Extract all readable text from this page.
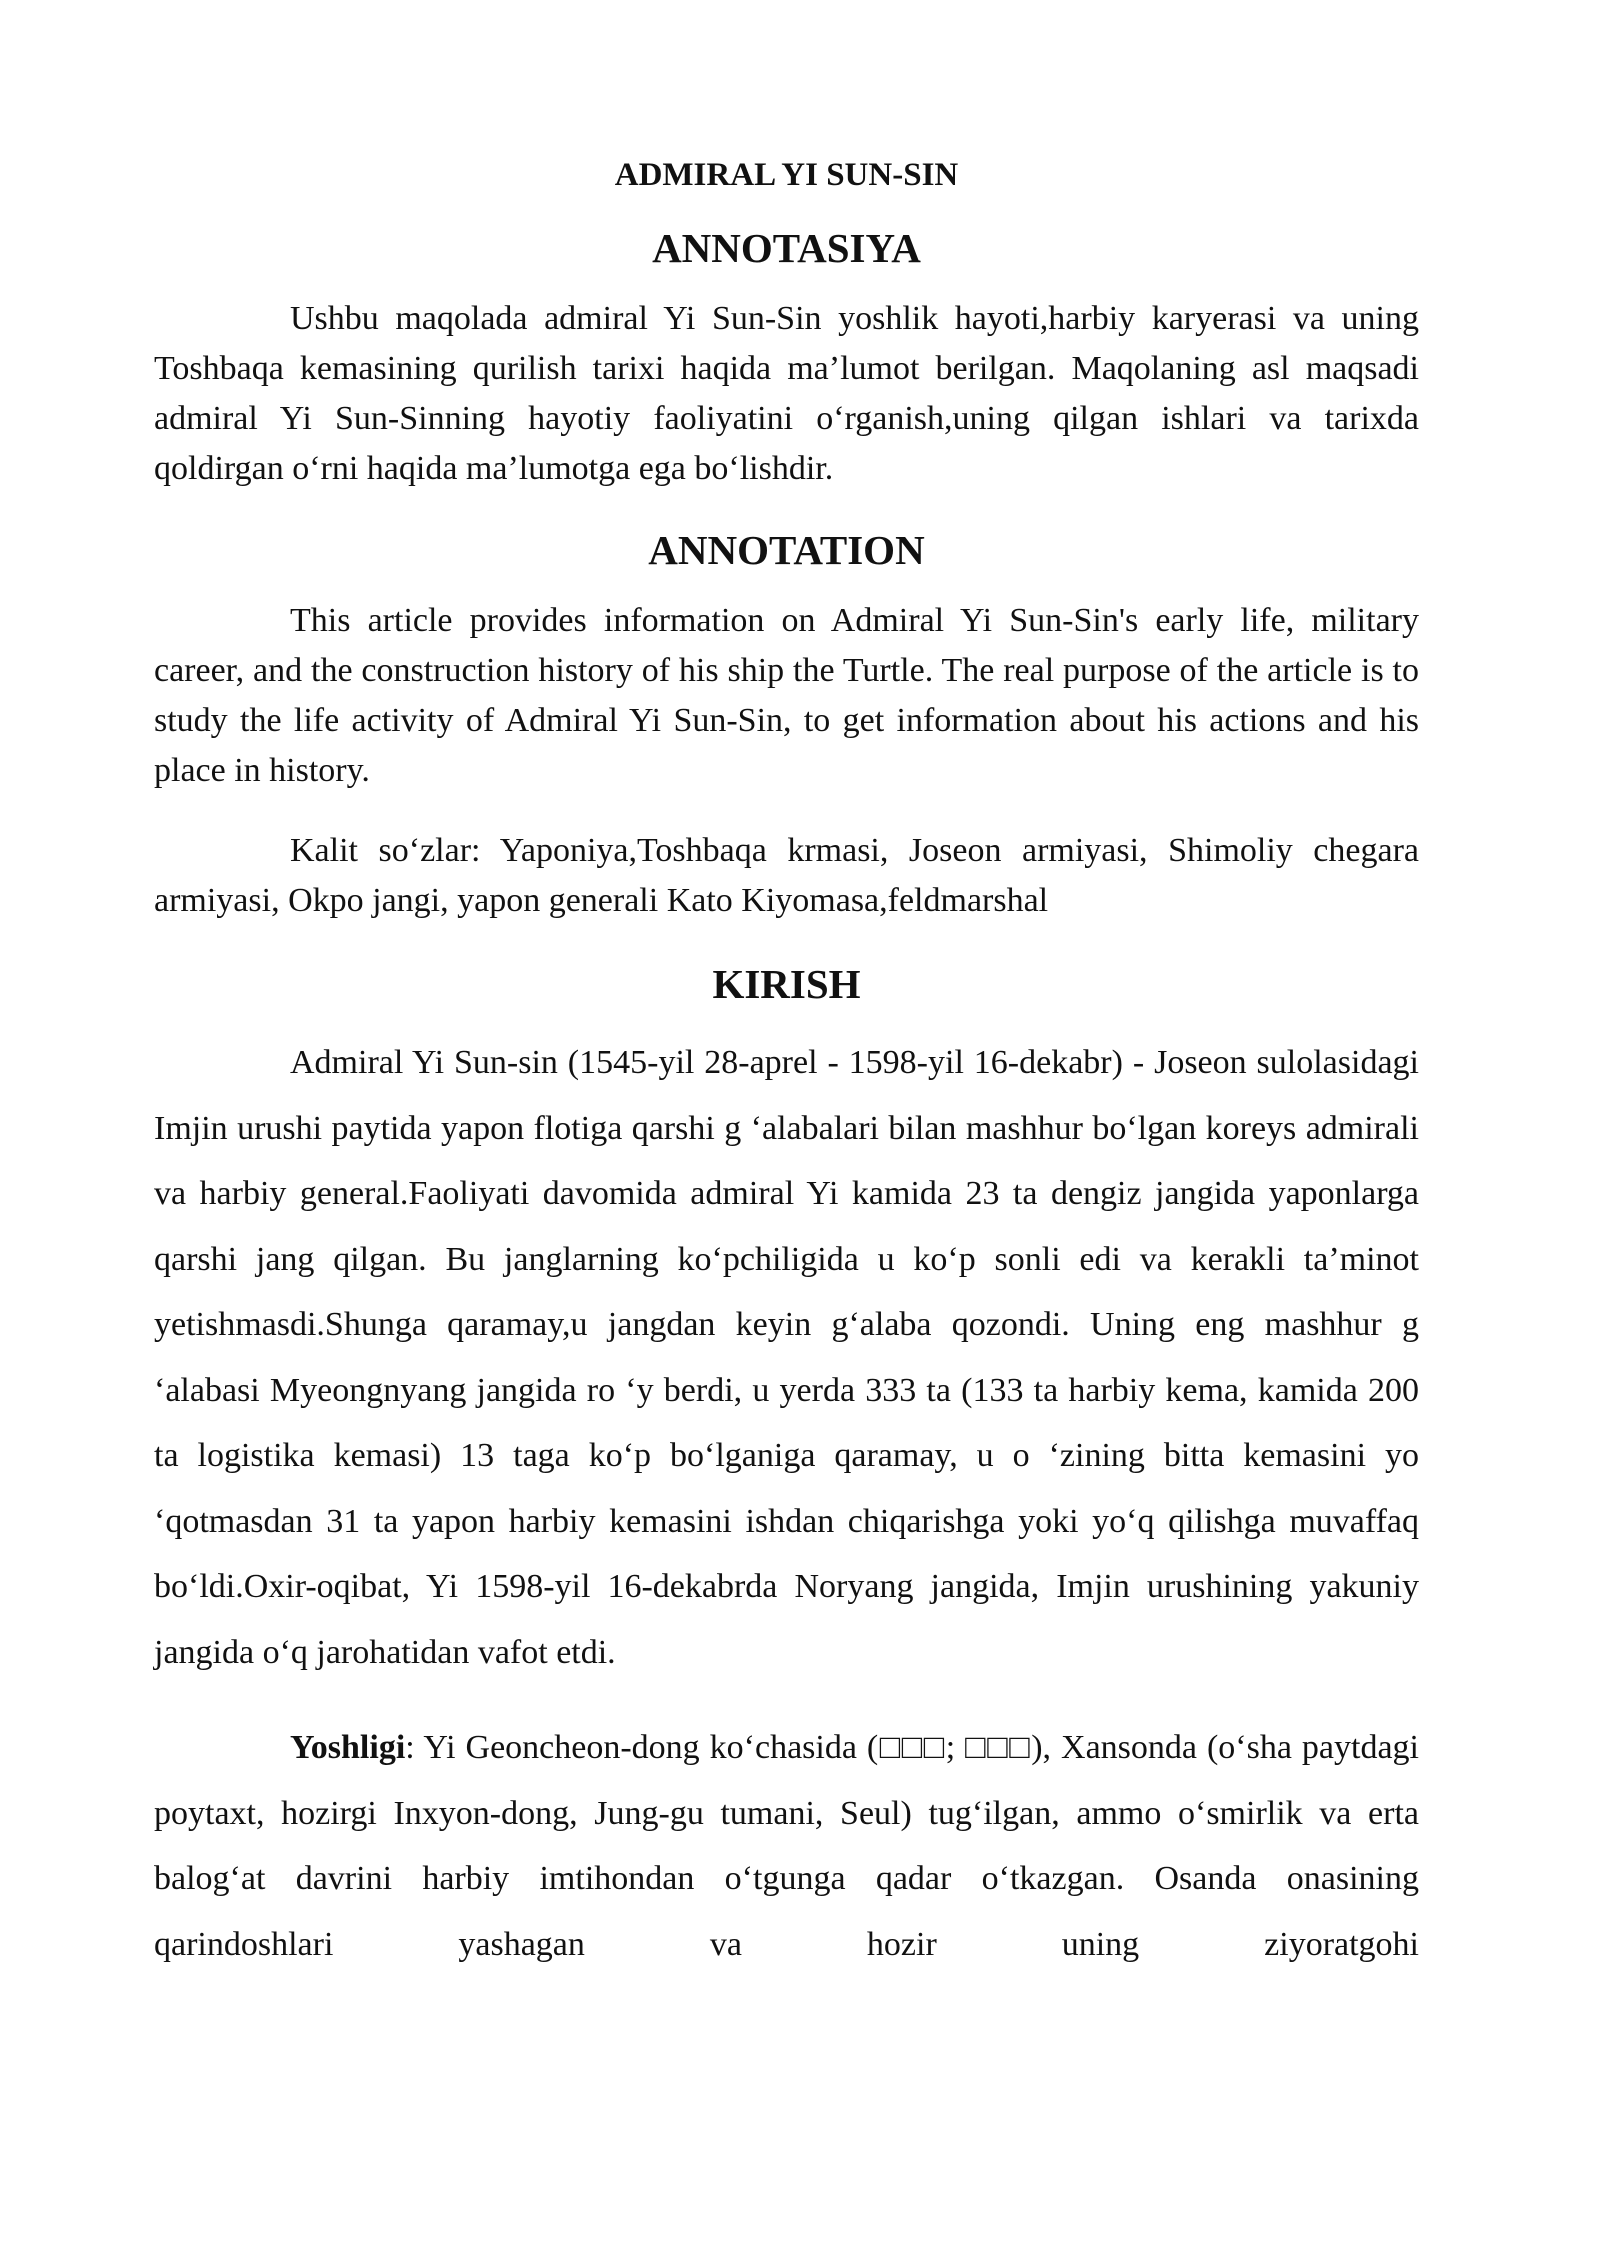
ADMIRAL YI SUN-SIN
ANNOTASIYA

Ushbu maqolada admiral Yi Sun-Sin yoshlik hayoti,harbiy karyerasi va uning Toshbaqa kemasining qurilish tarixi haqida ma’lumot berilgan. Maqolaning asl maqsadi admiral Yi Sun-Sinning hayotiy faoliyatini o‘rganish,uning qilgan ishlari va tarixda qoldirgan o‘rni haqida ma’lumotga ega bo‘lishdir.

ANNOTATION

This article provides information on Admiral Yi Sun-Sin's early life, military career, and the construction history of his ship the Turtle. The real purpose of the article is to study the life activity of Admiral Yi Sun-Sin, to get information about his actions and his place in history.

Kalit so‘zlar: Yaponiya,Toshbaqa krmasi, Joseon armiyasi, Shimoliy chegara armiyasi, Okpo jangi, yapon generali Kato Kiyomasa,feldmarshal

KIRISH

Admiral Yi Sun-sin (1545-yil 28-aprel - 1598-yil 16-dekabr) - Joseon sulolasidagi Imjin urushi paytida yapon flotiga qarshi g ‘alabalari bilan mashhur bo‘lgan koreys admirali va harbiy general.Faoliyati davomida admiral Yi kamida 23 ta dengiz jangida yaponlarga qarshi jang qilgan. Bu janglarning ko‘pchiligida u ko‘p sonli edi va kerakli ta’minot yetishmasdi.Shunga qaramay,u jangdan keyin g‘alaba qozondi. Uning eng mashhur g ‘alabasi Myeongnyang jangida ro ‘y berdi, u yerda 333 ta (133 ta harbiy kema, kamida 200 ta logistika kemasi) 13 taga ko‘p bo‘lganiga qaramay, u o ‘zining bitta kemasini yo ‘qotmasdan 31 ta yapon harbiy kemasini ishdan chiqarishga yoki yo‘q qilishga muvaffaq bo‘ldi.Oxir-oqibat, Yi 1598-yil 16-dekabrda Noryang jangida, Imjin urushining yakuniy jangida o‘q jarohatidan vafot etdi.

Yoshligi: Yi Geoncheon-dong ko‘chasida (□□□; □□□), Xansonda (o‘sha paytdagi poytaxt, hozirgi Inxyon-dong, Jung-gu tumani, Seul) tug‘ilgan, ammo o‘smirlik va erta balog‘at davrini harbiy imtihondan o‘tgunga qadar o‘tkazgan. Osanda onasining qarindoshlari yashagan va hozir uning ziyoratgohi
